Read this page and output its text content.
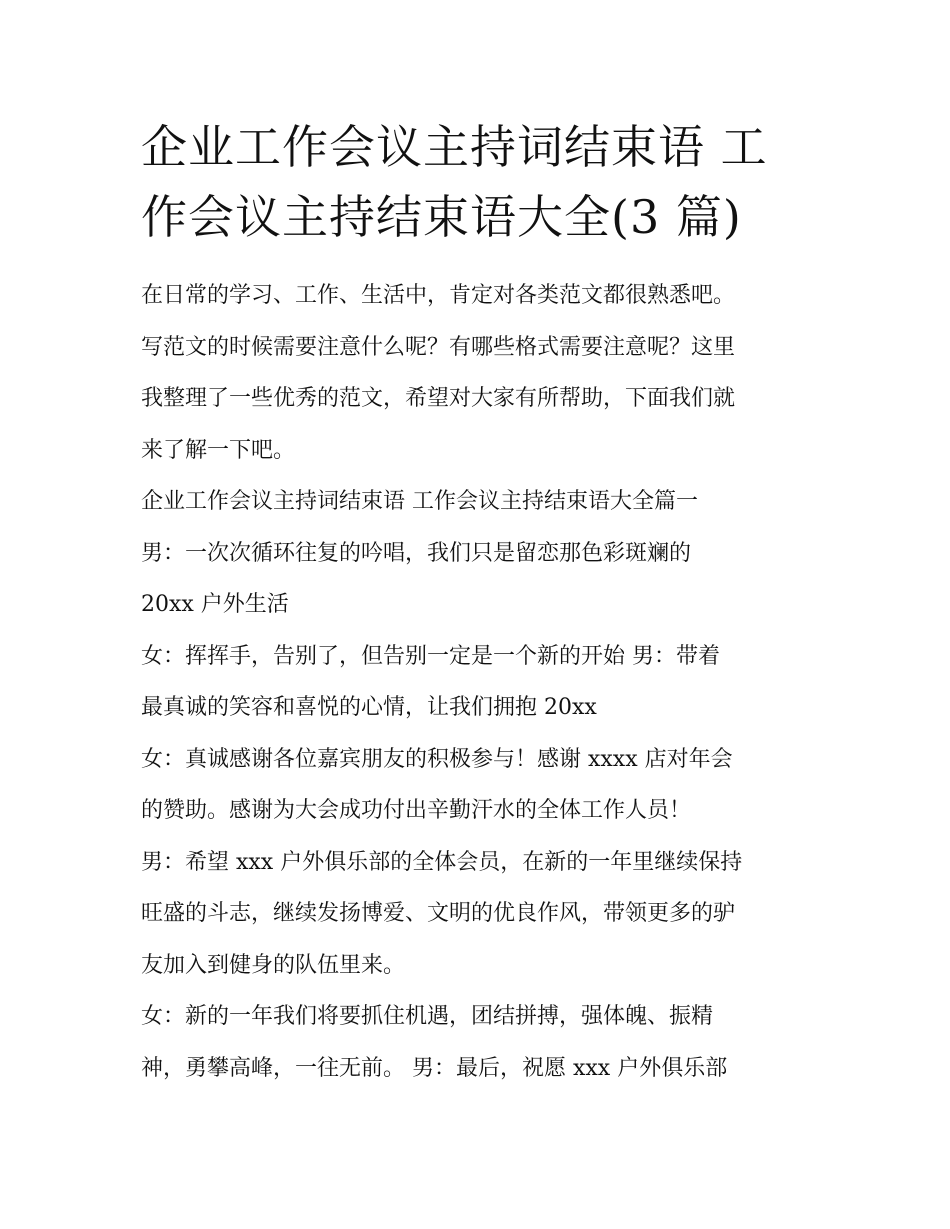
企业工作会议主持词结束语 工
作会议主持结束语大全(3 篇)
在日常的学习、工作、生活中，肯定对各类范文都很熟悉吧。
写范文的时候需要注意什么呢？有哪些格式需要注意呢？这里
我整理了一些优秀的范文，希望对大家有所帮助，下面我们就
来了解一下吧。
企业工作会议主持词结束语 工作会议主持结束语大全篇一
男：一次次循环往复的吟唱，我们只是留恋那色彩斑斓的
20xx 户外生活
女：挥挥手，告别了，但告别一定是一个新的开始 男：带着
最真诚的笑容和喜悦的心情，让我们拥抱 20xx
女：真诚感谢各位嘉宾朋友的积极参与！感谢 xxxx 店对年会
的赞助。感谢为大会成功付出辛勤汗水的全体工作人员！
男：希望 xxx 户外俱乐部的全体会员，在新的一年里继续保持
旺盛的斗志，继续发扬博爱、文明的优良作风，带领更多的驴
友加入到健身的队伍里来。
女：新的一年我们将要抓住机遇，团结拼搏，强体魄、振精
神，勇攀高峰，一往无前。 男：最后，祝愿 xxx 户外俱乐部
